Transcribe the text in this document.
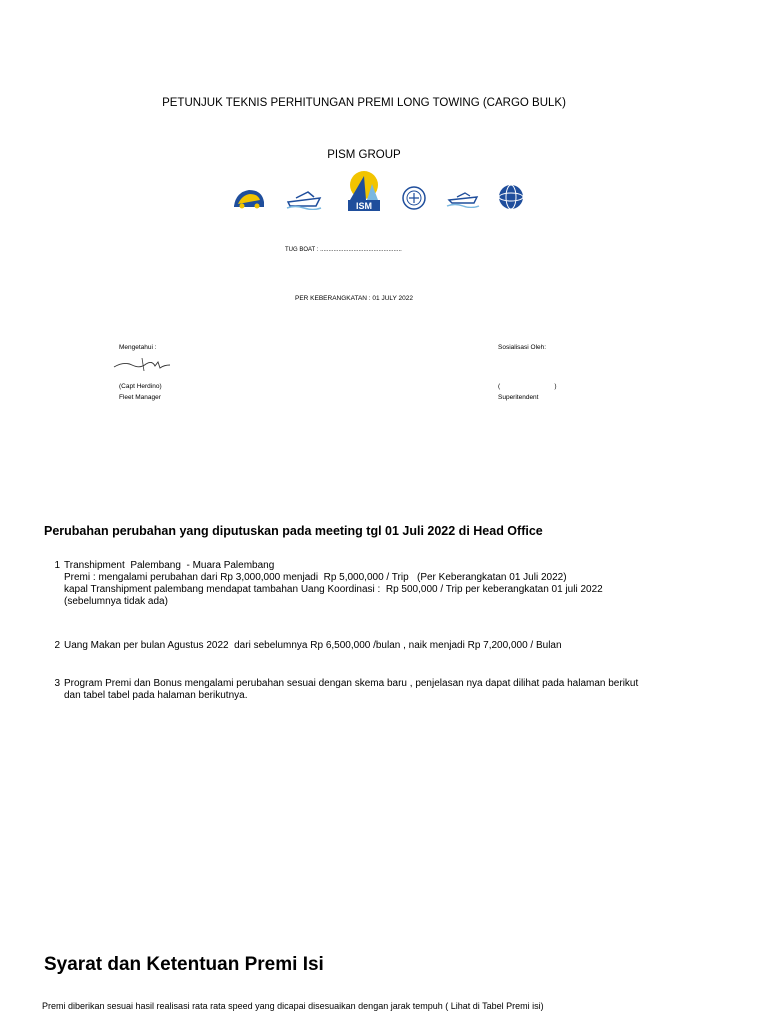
PETUNJUK TEKNIS PERHITUNGAN PREMI LONG TOWING (CARGO BULK)
PISM GROUP
ISM
TUG BOAT : .................................................
PER KEBERANGKATAN : 01 JULY 2022
Mengetahui :
(Capt Herdino)
Fleet Manager
Sosialisasi Oleh:
(                              )
Superitendent
Perubahan perubahan yang diputuskan pada meeting tgl 01 Juli 2022 di Head Office
1 Transhipment  Palembang  - Muara Palembang
Premi : mengalami perubahan dari Rp 3,000,000 menjadi  Rp 5,000,000 / Trip   (Per Keberangkatan 01 Juli 2022)
kapal Transhipment palembang mendapat tambahan Uang Koordinasi :  Rp 500,000 / Trip per keberangkatan 01 juli 2022
(sebelumnya tidak ada)
2 Uang Makan per bulan Agustus 2022  dari sebelumnya Rp 6,500,000 /bulan , naik menjadi Rp 7,200,000 / Bulan
3 Program Premi dan Bonus mengalami perubahan sesuai dengan skema baru , penjelasan nya dapat dilihat pada halaman berikut
dan tabel tabel pada halaman berikutnya.
Syarat dan Ketentuan Premi Isi
Premi diberikan sesuai hasil realisasi rata rata speed yang dicapai disesuaikan dengan jarak tempuh ( Lihat di Tabel Premi isi)
